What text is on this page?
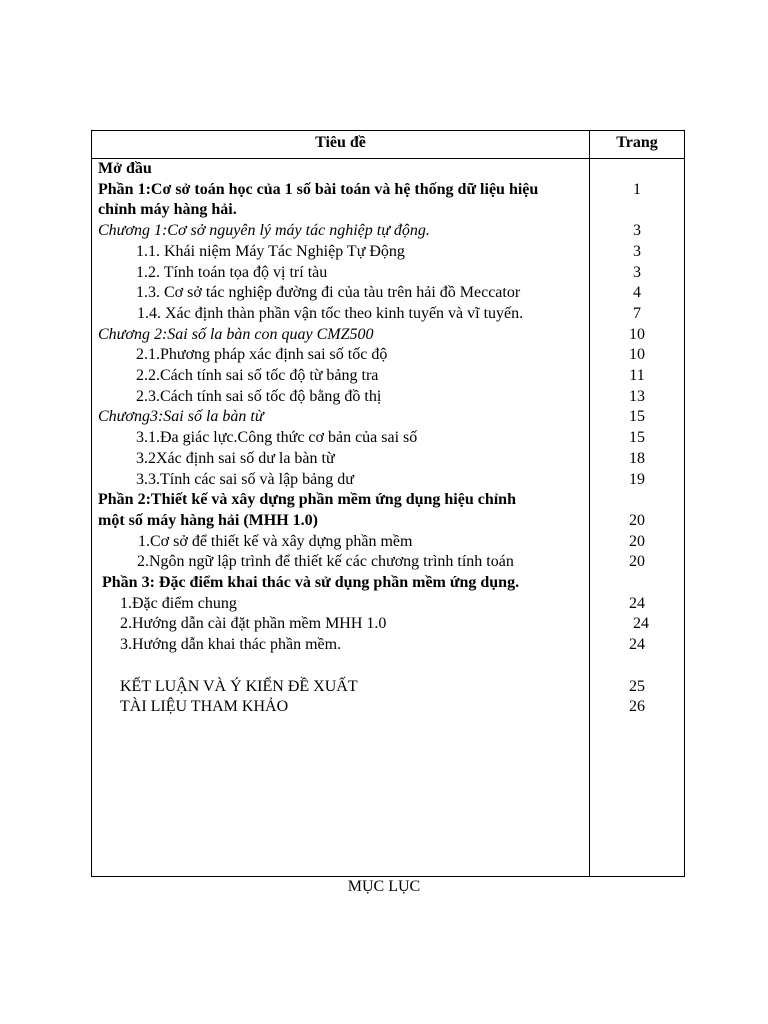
Tiêu đề	Trang
Mở đầu
Phần 1:Cơ sở toán học của 1 số bài toán và hệ thống dữ liệu hiệu	1
chỉnh máy hàng hải.
Chương 1:Cơ sở nguyên lý máy tác nghiệp tự động.	3
1.1. Khái niệm Máy Tác Nghiệp Tự Động	3
1.2. Tính toán tọa độ vị trí tàu	3
1.3. Cơ sở tác nghiệp đường đi của tàu trên hải đồ Meccator	4
1.4. Xác định thàn phần vận tốc theo kinh tuyến và vĩ tuyến.	7
Chương 2:Sai số la bàn con quay CMZ500	10
2.1.Phương pháp xác định sai số tốc độ	10
2.2.Cách tính sai số tốc độ từ bảng tra	11
2.3.Cách tính sai số tốc độ bằng đồ thị	13
Chương3:Sai số la bàn từ	15
3.1.Đa giác lực.Công thức cơ bản của sai số	15
3.2Xác định sai số dư la bàn từ	18
3.3.Tính các sai số và lập bảng dư	19
Phần 2:Thiết kế và xây dựng phần mềm ứng dụng hiệu chỉnh
một số máy hàng hải (MHH 1.0)	20
1.Cơ sở để thiết kế và xây dựng phần mềm	20
2.Ngôn ngữ lập trình để thiết kế các chương trình tính toán	20
Phần 3: Đặc điểm khai thác và sử dụng phần mềm ứng dụng.
1.Đặc điểm chung	24
2.Hướng dẫn cài đặt phần mềm MHH 1.0	24
3.Hướng dẫn khai thác phần mềm.	24
KẾT LUẬN VÀ Ý KIẾN ĐỀ XUẤT	25
TÀI LIỆU THAM KHẢO	26
MỤC LỤC
